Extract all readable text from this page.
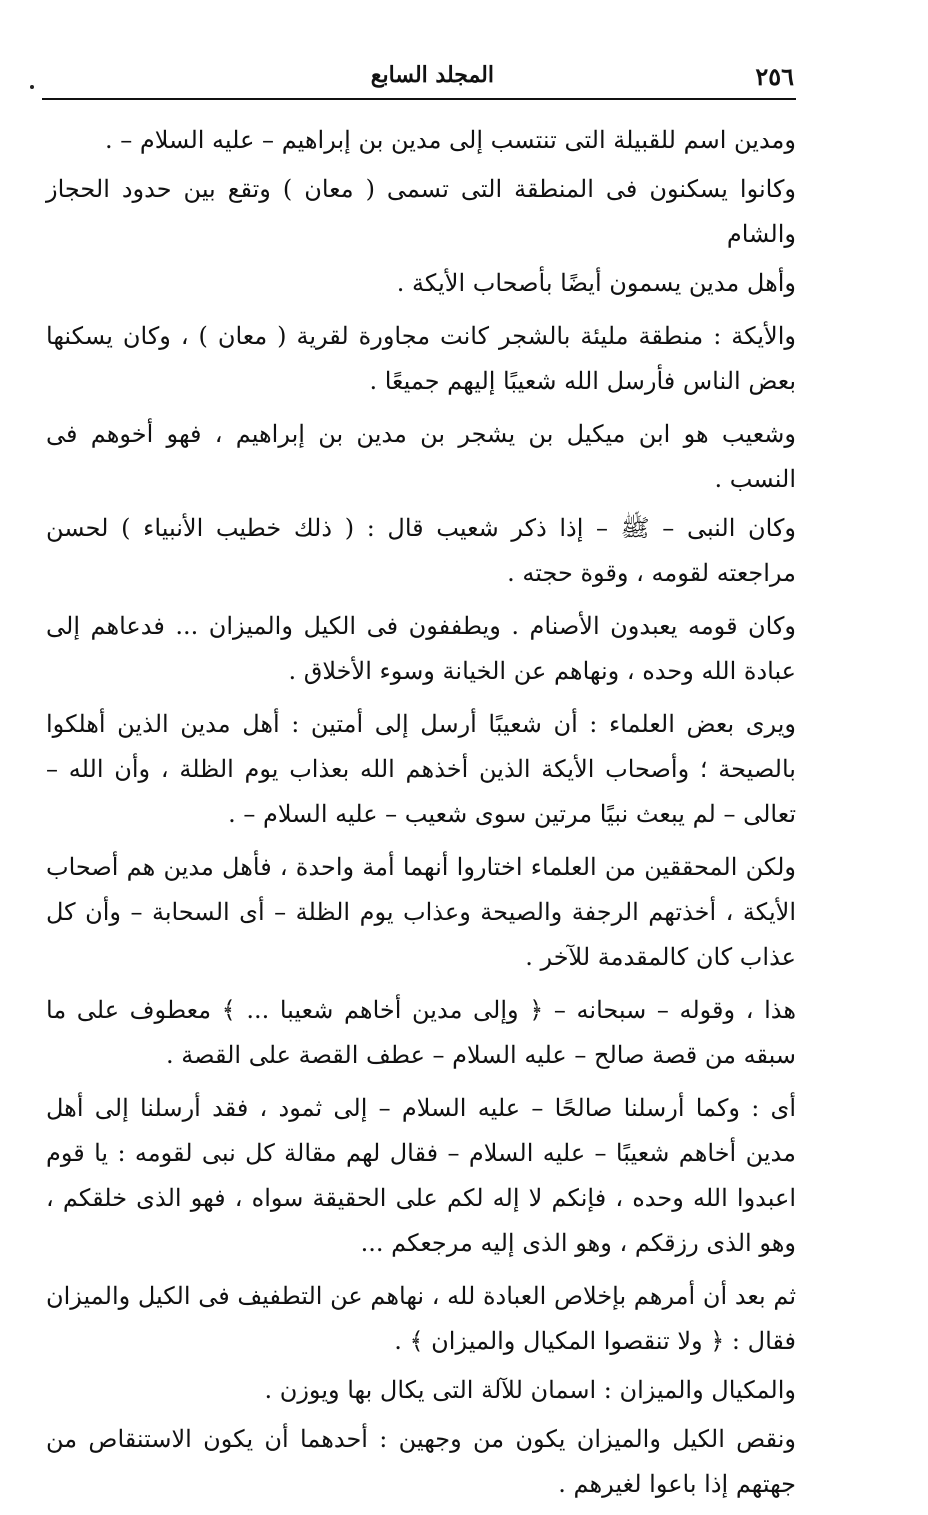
٢٥٦
المجلد السابع

ومدين اسم للقبيلة التى تنتسب إلى مدين بن إبراهيم – عليه السلام – .

وكانوا يسكنون فى المنطقة التى تسمى ( معان ) وتقع بين حدود الحجاز والشام

وأهل مدين يسمون أيضًا بأصحاب الأيكة .

والأيكة : منطقة مليئة بالشجر كانت مجاورة لقرية ( معان ) ، وكان يسكنها بعض الناس فأرسل الله شعيبًا إليهم جميعًا .

وشعيب هو ابن ميكيل بن يشجر بن مدين بن إبراهيم ، فهو أخوهم فى النسب .

وكان النبى – ﷺ – إذا ذكر شعيب قال : ( ذلك خطيب الأنبياء ) لحسن مراجعته لقومه ، وقوة حجته .

وكان قومه يعبدون الأصنام . ويطففون فى الكيل والميزان ... فدعاهم إلى عبادة الله وحده ، ونهاهم عن الخيانة وسوء الأخلاق .

ويرى بعض العلماء : أن شعيبًا أرسل إلى أمتين : أهل مدين الذين أهلكوا بالصيحة ؛ وأصحاب الأيكة الذين أخذهم الله بعذاب يوم الظلة ، وأن الله – تعالى – لم يبعث نبيًا مرتين سوى شعيب – عليه السلام – .

ولكن المحققين من العلماء اختاروا أنهما أمة واحدة ، فأهل مدين هم أصحاب الأيكة ، أخذتهم الرجفة والصيحة وعذاب يوم الظلة – أى السحابة – وأن كل عذاب كان كالمقدمة للآخر .

هذا ، وقوله – سبحانه – ﴿ وإلى مدين أخاهم شعيبا ... ﴾ معطوف على ما سبقه من قصة صالح – عليه السلام – عطف القصة على القصة .

أى : وكما أرسلنا صالحًا – عليه السلام – إلى ثمود ، فقد أرسلنا إلى أهل مدين أخاهم شعيبًا – عليه السلام – فقال لهم مقالة كل نبى لقومه : يا قوم اعبدوا الله وحده ، فإنكم لا إله لكم على الحقيقة سواه ، فهو الذى خلقكم ، وهو الذى رزقكم ، وهو الذى إليه مرجعكم ...

ثم بعد أن أمرهم بإخلاص العبادة لله ، نهاهم عن التطفيف فى الكيل والميزان فقال : ﴿ ولا تنقصوا المكيال والميزان ﴾ .

والمكيال والميزان : اسمان للآلة التى يكال بها ويوزن .

ونقص الكيل والميزان يكون من وجهين : أحدهما أن يكون الاستنقاص من جهتهم إذا باعوا لغيرهم .
